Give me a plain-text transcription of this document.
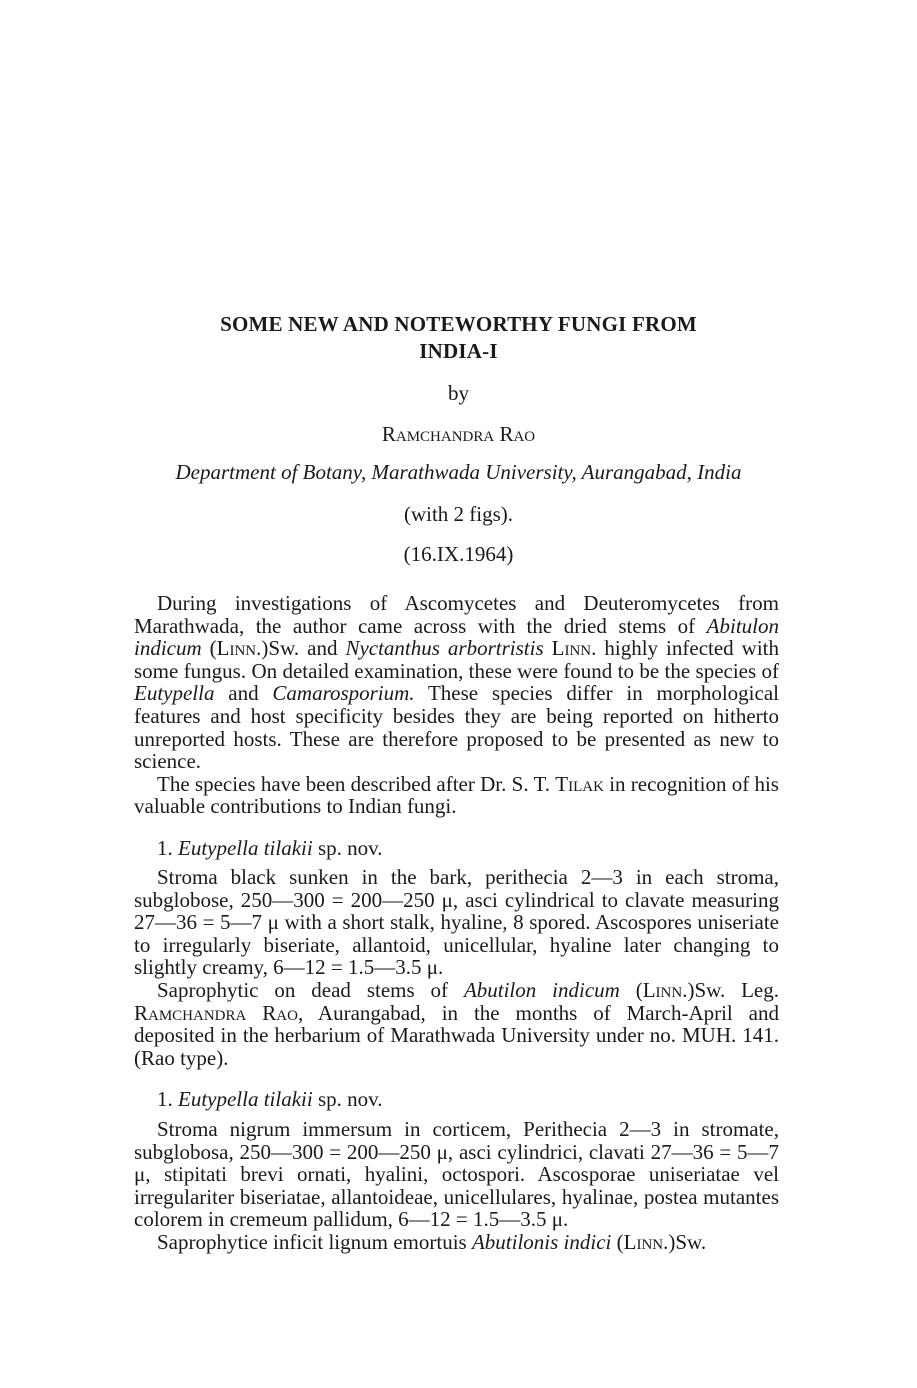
SOME NEW AND NOTEWORTHY FUNGI FROM
INDIA-I
by
Ramchandra Rao
Department of Botany, Marathwada University, Aurangabad, India
(with 2 figs).
(16.IX.1964)

During investigations of Ascomycetes and Deuteromycetes from Marathwada, the author came across with the dried stems of Abitulon indicum (Linn.)Sw. and Nyctanthus arbortristis Linn. highly infected with some fungus. On detailed examination, these were found to be the species of Eutypella and Camarosporium. These species differ in morphological features and host specificity besides they are being reported on hitherto unreported hosts. These are therefore proposed to be presented as new to science.

The species have been described after Dr. S. T. Tilak in recognition of his valuable contributions to Indian fungi.

1. Eutypella tilakii sp. nov.

Stroma black sunken in the bark, perithecia 2—3 in each stroma, subglobose, 250—300 = 200—250 μ, asci cylindrical to clavate measuring 27—36 = 5—7 μ with a short stalk, hyaline, 8 spored. Ascospores uniseriate to irregularly biseriate, allantoid, unicellular, hyaline later changing to slightly creamy, 6—12 = 1.5—3.5 μ.

Saprophytic on dead stems of Abutilon indicum (Linn.)Sw. Leg. Ramchandra Rao, Aurangabad, in the months of March-April and deposited in the herbarium of Marathwada University under no. MUH. 141. (Rao type).

1. Eutypella tilakii sp. nov.

Stroma nigrum immersum in corticem, Perithecia 2—3 in stromate, subglobosa, 250—300 = 200—250 μ, asci cylindrici, clavati 27—36 = 5—7 μ, stipitati brevi ornati, hyalini, octospori. Ascosporae uniseriatae vel irregulariter biseriatae, allantoideae, unicellulares, hyalinae, postea mutantes colorem in cremeum pallidum, 6—12 = 1.5—3.5 μ.

Saprophytice inficit lignum emortuis Abutilonis indici (Linn.)Sw.
